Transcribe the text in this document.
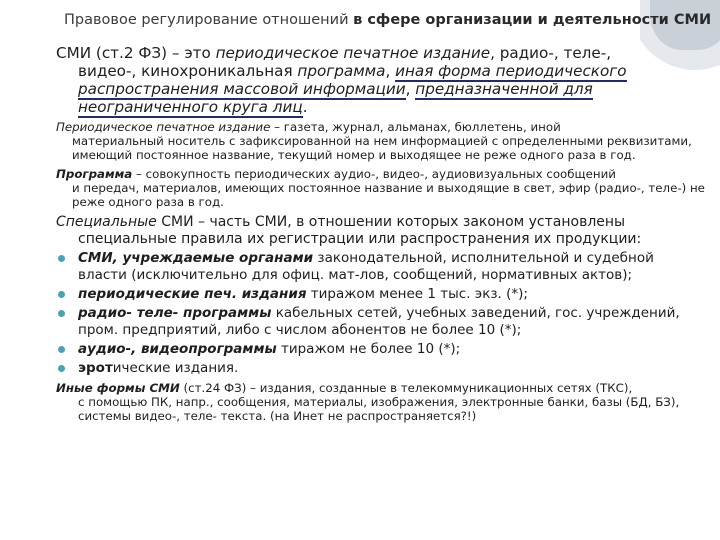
Правовое регулирование отношений в сфере организации и деятельности СМИ

СМИ (ст.2 ФЗ) – это периодическое печатное издание, радио-, теле-,
видео-, кинохроникальная программа, иная форма периодического распространения массовой информации, предназначенной для неограниченного круга лиц.

Периодическое печатное издание – газета, журнал, альманах, бюллетень, иной
материальный носитель с зафиксированной на нем информацией с определенными реквизитами, имеющий постоянное название, текущий номер и выходящее не реже одного раза в год.

Программа – совокупность периодических аудио-, видео-, аудиовизуальных сообщений
и передач, материалов, имеющих постоянное название и выходящие в свет, эфир (радио-, теле-) не реже одного раза в год.

Специальные СМИ – часть СМИ, в отношении которых законом установлены
специальные правила их регистрации или распространения их продукции:

СМИ, учреждаемые органами законодательной, исполнительной и судебной власти (исключительно для офиц. мат-лов, сообщений, нормативных актов);
периодические печ. издания тиражом менее 1 тыс. экз. (*);
радио- теле- программы кабельных сетей, учебных заведений, гос. учреждений, пром. предприятий, либо с числом абонентов не более 10 (*);
аудио-, видеопрограммы тиражом не более 10 (*);
эротические издания.

Иные формы СМИ (ст.24 ФЗ) – издания, созданные в телекоммуникационных сетях (ТКС),
с помощью ПК, напр., сообщения, материалы, изображения, электронные банки, базы (БД, БЗ), системы видео-, теле- текста. (на Инет не распространяется?!)
